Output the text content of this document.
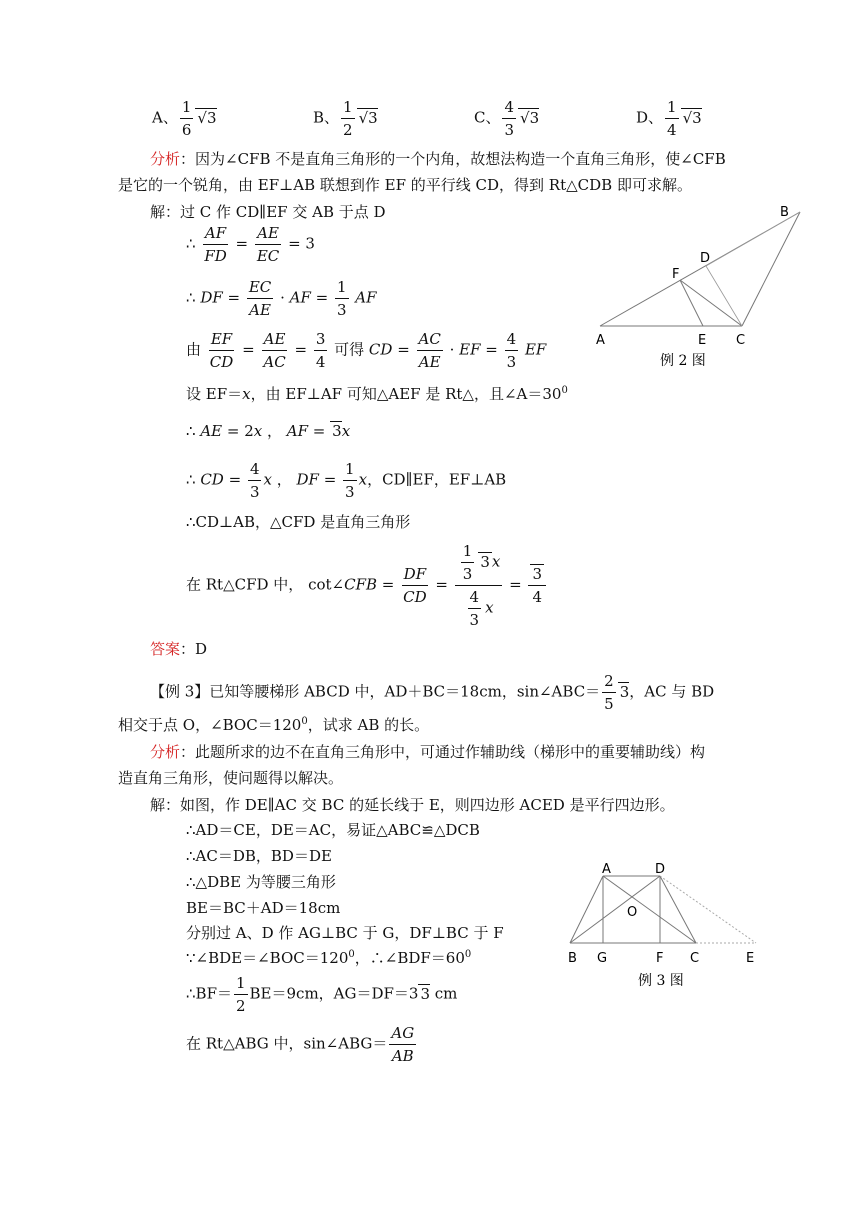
A、 $\frac{1}{6} √3$	B、 $\frac{1}{2} √3$	C、 $\frac{4}{3} √3$	D、 $\frac{1}{4} √3$
分析：因为∠CFB 不是直角三角形的一个内角，故想法构造一个直角三角形，使∠CFB
是它的一个锐角，由 EF⊥AB 联想到作 EF 的平行线 CD，得到 Rt△CDB 即可求解。
解：过 C 作 CD∥EF 交 AB 于点 D
∴ $\frac{AF}{FD} = \frac{AE}{EC} = 3$
∴ DF = $\frac{EC}{AE}$ · AF = $\frac{1}{3}$ AF
由 $\frac{EF}{CD} = \frac{AE}{AC} = \frac{3}{4}$ 可得 CD = $\frac{AC}{AE}$ · EF = $\frac{4}{3}$ EF
设 EF＝x，由 EF⊥AF 可知△AEF 是 Rt△，且$\angle A=30^0$
∴ AE = 2x ， AF = 3x
∴ CD = $\frac{4}{3}$ x ， DF = $\frac{1}{3}$ x，CD∥EF，EF⊥AB
∴CD⊥AB，△CFD 是直角三角形
在 Rt△CFD 中， cot∠CFB = $\frac{DF}{CD} = \frac{\frac{1}{3} 3 x}{\frac{4}{3} x} = \frac{3}{4}$
答案：D
B
D
F
A	E C
例 2 图
【例 3】已知等腰梯形 ABCD 中，AD＋BC＝18cm，sin∠ABC＝ $\frac{2}{5} 3$，AC 与 BD
相交于点 O，$\angle BOC=120^0$，试求 AB 的长。
分析：此题所求的边不在直角三角形中，可通过作辅助线（梯形中的重要辅助线）构
造直角三角形，使问题得以解决。
解：如图，作 DE∥AC 交 BC 的延长线于 E，则四边形 ACED 是平行四边形。
∴AD＝CE，DE＝AC，易证△ABC≌△DCB
∴AC＝DB，BD＝DE
∴△DBE 为等腰三角形
BE＝BC＋AD＝18cm
分别过 A、D 作 AG⊥BC 于 G，DF⊥BC 于 F
$\because\angle BDE=\angle BOC=120^0$，$\therefore\angle BDF=60^0$
∴BF＝ $\frac{1}{2} BE=9cm$，AG＝DF＝3 3 cm
在 Rt△ABG 中，sin∠ABG＝ $\frac{AG}{AB}$
A	D
O
B G	F C	E
例 3 图
